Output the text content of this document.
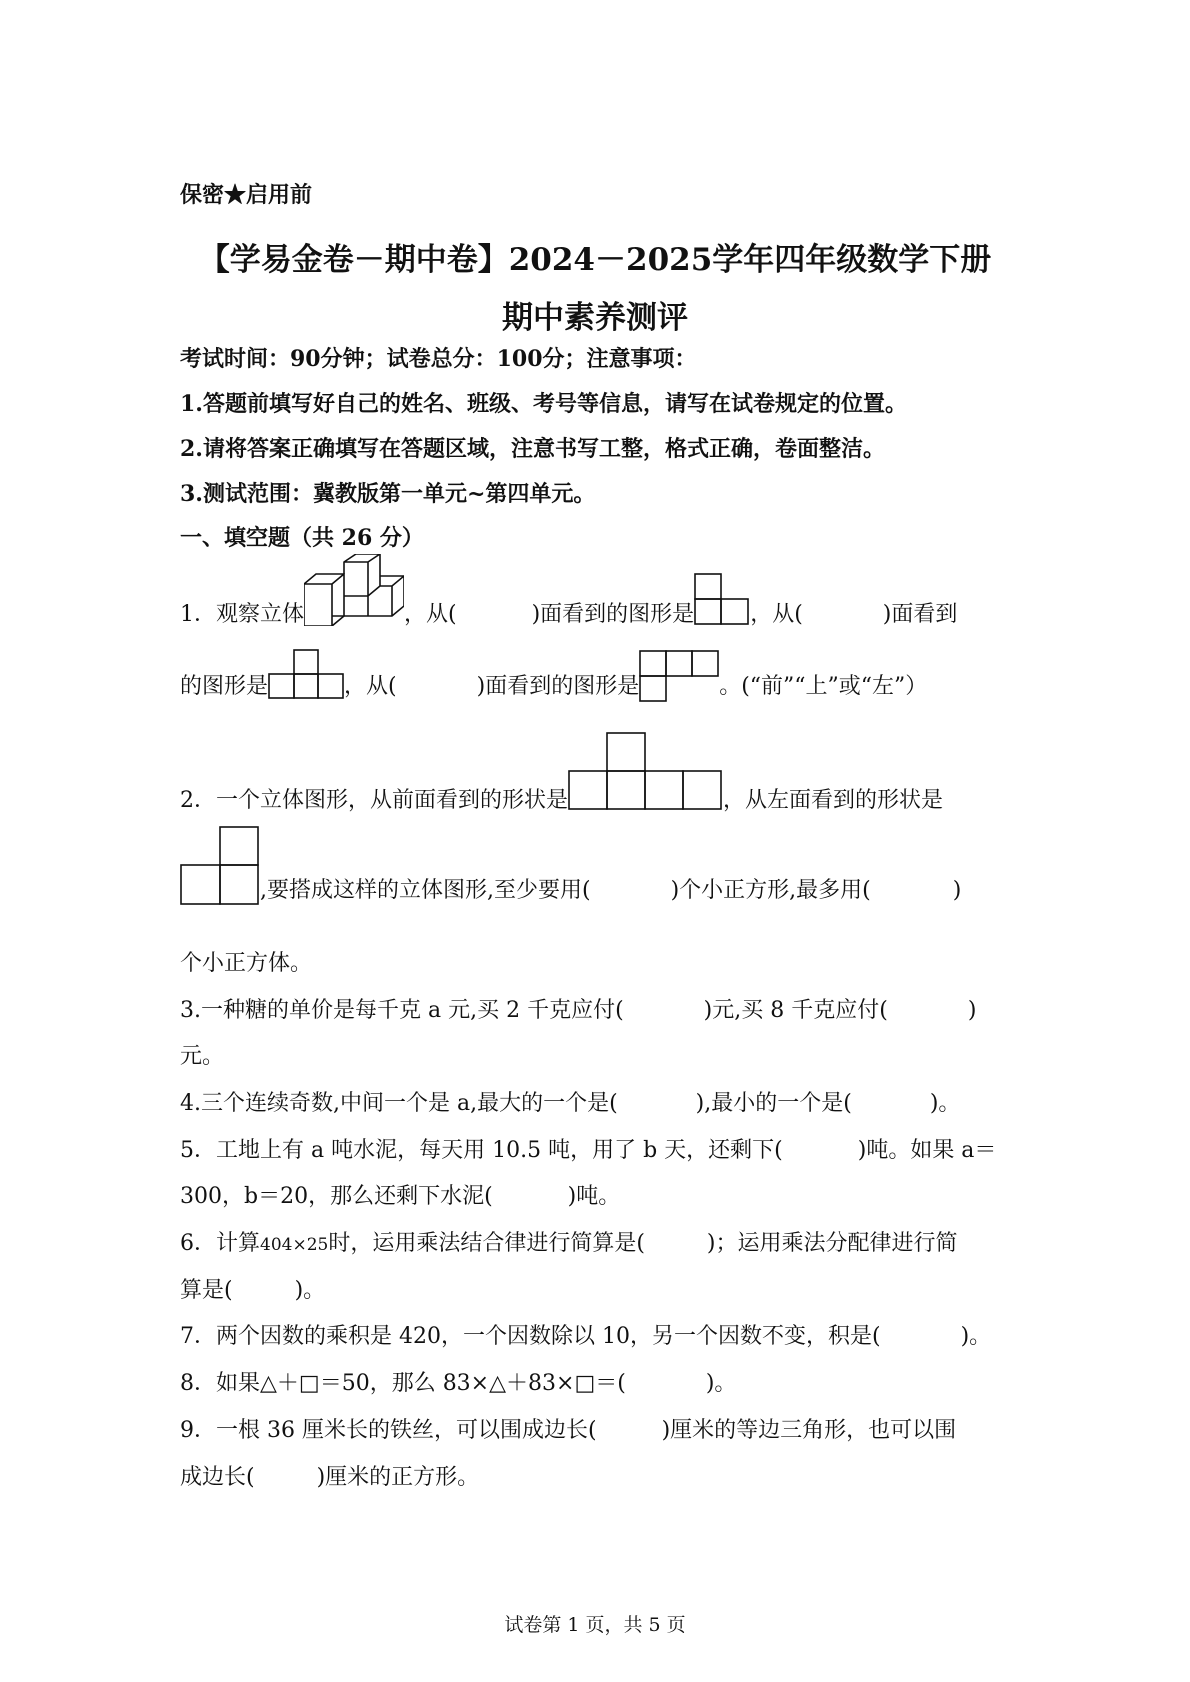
保密★启用前
【学易金卷－期中卷】2024－2025学年四年级数学下册
期中素养测评
考试时间：90分钟；试卷总分：100分；注意事项：
1.答题前填写好自己的姓名、班级、考号等信息，请写在试卷规定的位置。
2.请将答案正确填写在答题区域，注意书写工整，格式正确，卷面整洁。
3.测试范围：冀教版第一单元~第四单元。
一、填空题（共 26 分）
1．观察立体	，从(	)面看到的图形是	，从(	)面看到
的图形是	，从(	)面看到的图形是	。(“前”“上”或“左”）
2．一个立体图形，从前面看到的形状是	，从左面看到的形状是
,要搭成这样的立体图形,至少要用(	)个小正方形,最多用(	)
个小正方体。
3.一种糖的单价是每千克 a 元,买 2 千克应付(	)元,买 8 千克应付(	)
元。
4.三个连续奇数,中间一个是 a,最大的一个是(	),最小的一个是(	)。
5．工地上有 a 吨水泥，每天用 10.5 吨，用了 b 天，还剩下(	)吨。如果 a＝
300，b＝20，那么还剩下水泥(	)吨。
6．计算404×25时，运用乘法结合律进行简算是(	)；运用乘法分配律进行简
算是(	)。
7．两个因数的乘积是 420，一个因数除以 10，另一个因数不变，积是(	)。
8．如果△＋□＝50，那么 83×△＋83×□＝(	)。
9．一根 36 厘米长的铁丝，可以围成边长(	)厘米的等边三角形，也可以围
成边长(	)厘米的正方形。
试卷第 1 页，共 5 页
